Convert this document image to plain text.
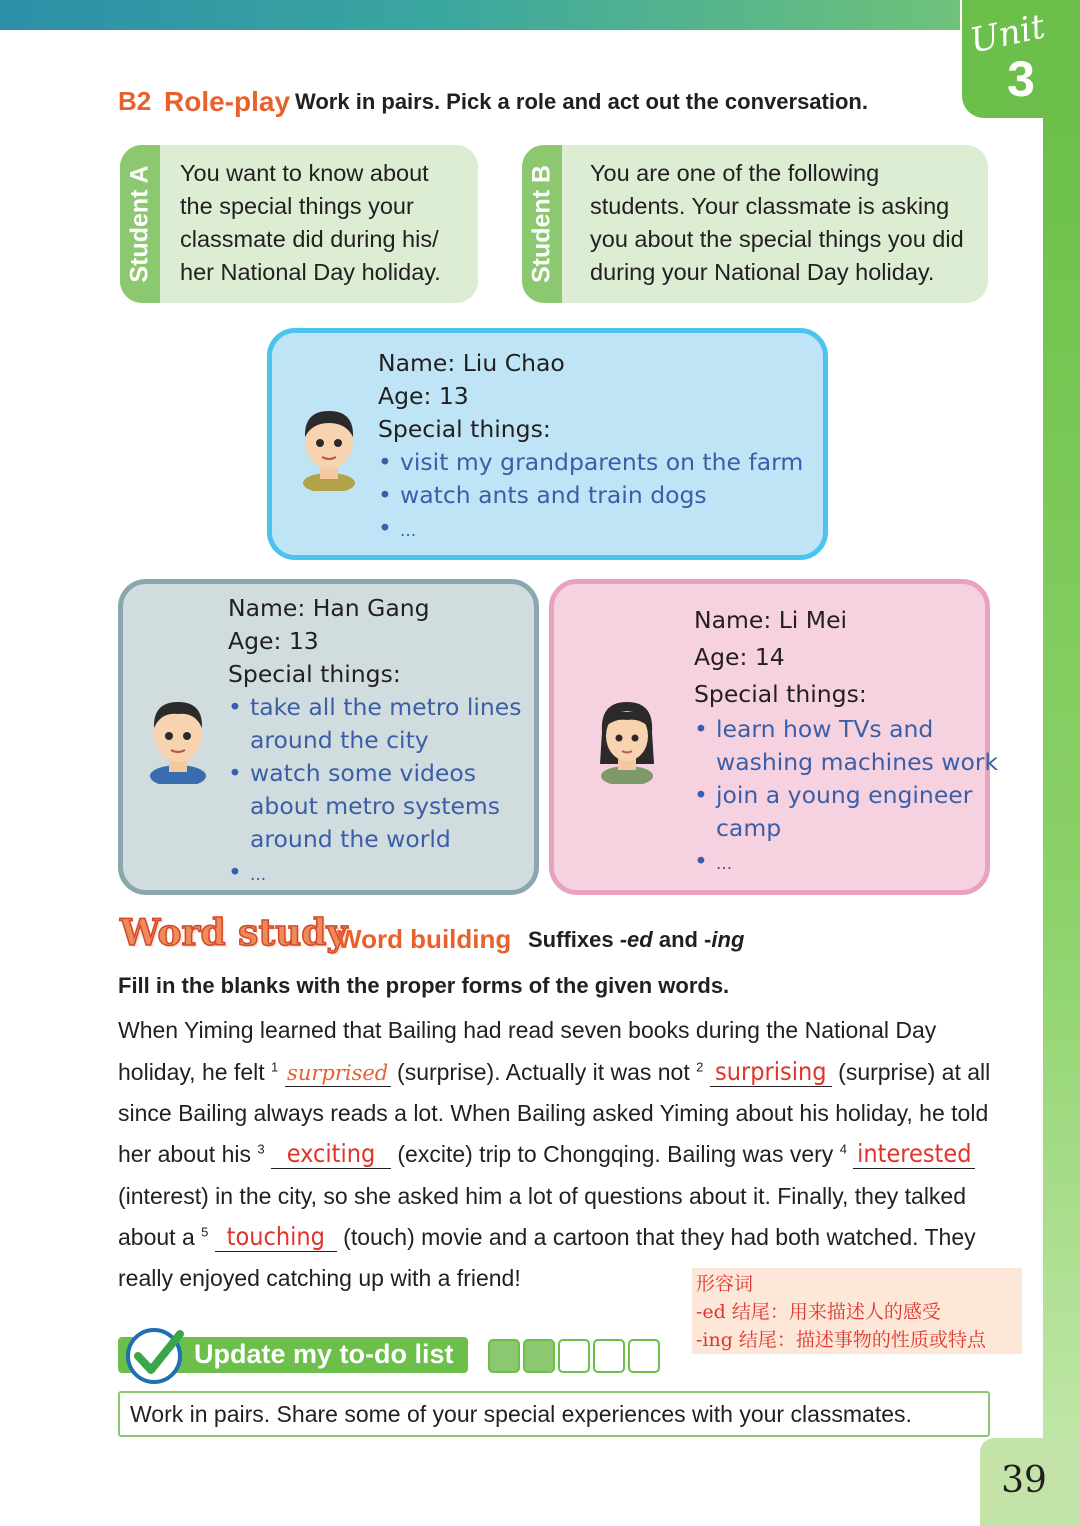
Unit
3
39
B2 Role-play Work in pairs. Pick a role and act out the conversation.
Student A You want to know about
the special things your
classmate did during his/
her National Day holiday.	Student B You are one of the following
students. Your classmate is asking
you about the special things you did
during your National Day holiday.
Name: Liu Chao
Age: 13
Special things:
• visit my grandparents on the farm
• watch ants and train dogs
• ...
Name: Han Gang
Age: 13
Special things:
• take all the metro lines
around the city
• watch some videos
about metro systems
around the world
• ...
Name: Li Mei
Age: 14
Special things:
• learn how TVs and
washing machines work
• join a young engineer
camp
• ...
Word study
Word building Suffixes -ed and -ing
Fill in the blanks with the proper forms of the given words.
When Yiming learned that Bailing had read seven books during the National Day
holiday, he felt $^1$ surprised (surprise). Actually it was not $^2$ surprising (surprise) at all
since Bailing always reads a lot. When Bailing asked Yiming about his holiday, he told
her about his $^3$ exciting (excite) trip to Chongqing. Bailing was very $^4$ interested
(interest) in the city, so she asked him a lot of questions about it. Finally, they talked
about a $^5$ touching (touch) movie and a cartoon that they had both watched. They
really enjoyed catching up with a friend!	形容词
-ed 结尾：用来描述人的感受
-ing 结尾：描述事物的性质或特点
Update my to-do list
Work in pairs. Share some of your special experiences with your classmates.
